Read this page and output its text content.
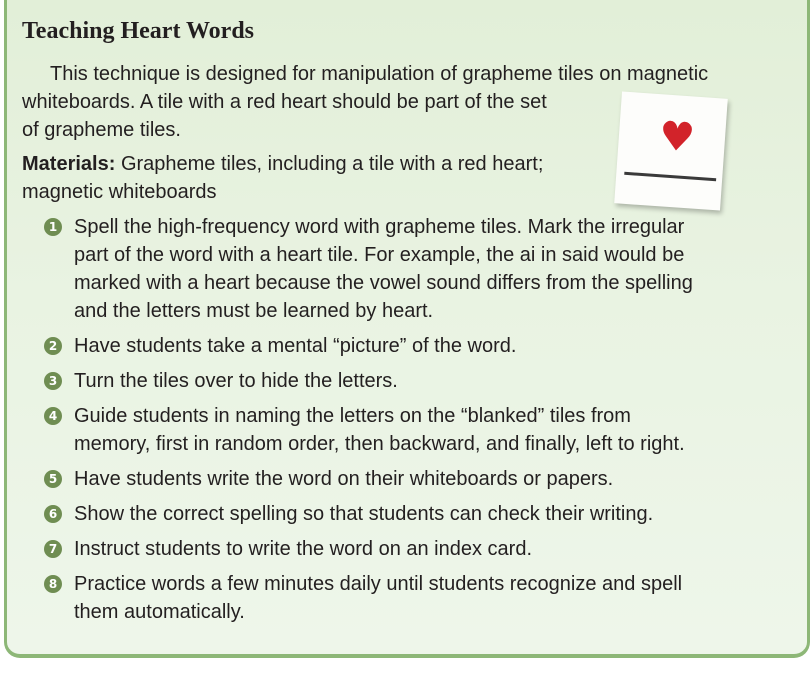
Teaching Heart Words
This technique is designed for manipulation of grapheme tiles on magnetic
whiteboards. A tile with a red heart should be part of the set
of grapheme tiles.
Materials: Grapheme tiles, including a tile with a red heart;
magnetic whiteboards
♥
1 Spell the high-frequency word with grapheme tiles. Mark the irregular
part of the word with a heart tile. For example, the ai in said would be
marked with a heart because the vowel sound differs from the spelling
and the letters must be learned by heart.
2 Have students take a mental “picture” of the word.
3 Turn the tiles over to hide the letters.
4 Guide students in naming the letters on the “blanked” tiles from
memory, first in random order, then backward, and finally, left to right.
5 Have students write the word on their whiteboards or papers.
6 Show the correct spelling so that students can check their writing.
7 Instruct students to write the word on an index card.
8 Practice words a few minutes daily until students recognize and spell
them automatically.
